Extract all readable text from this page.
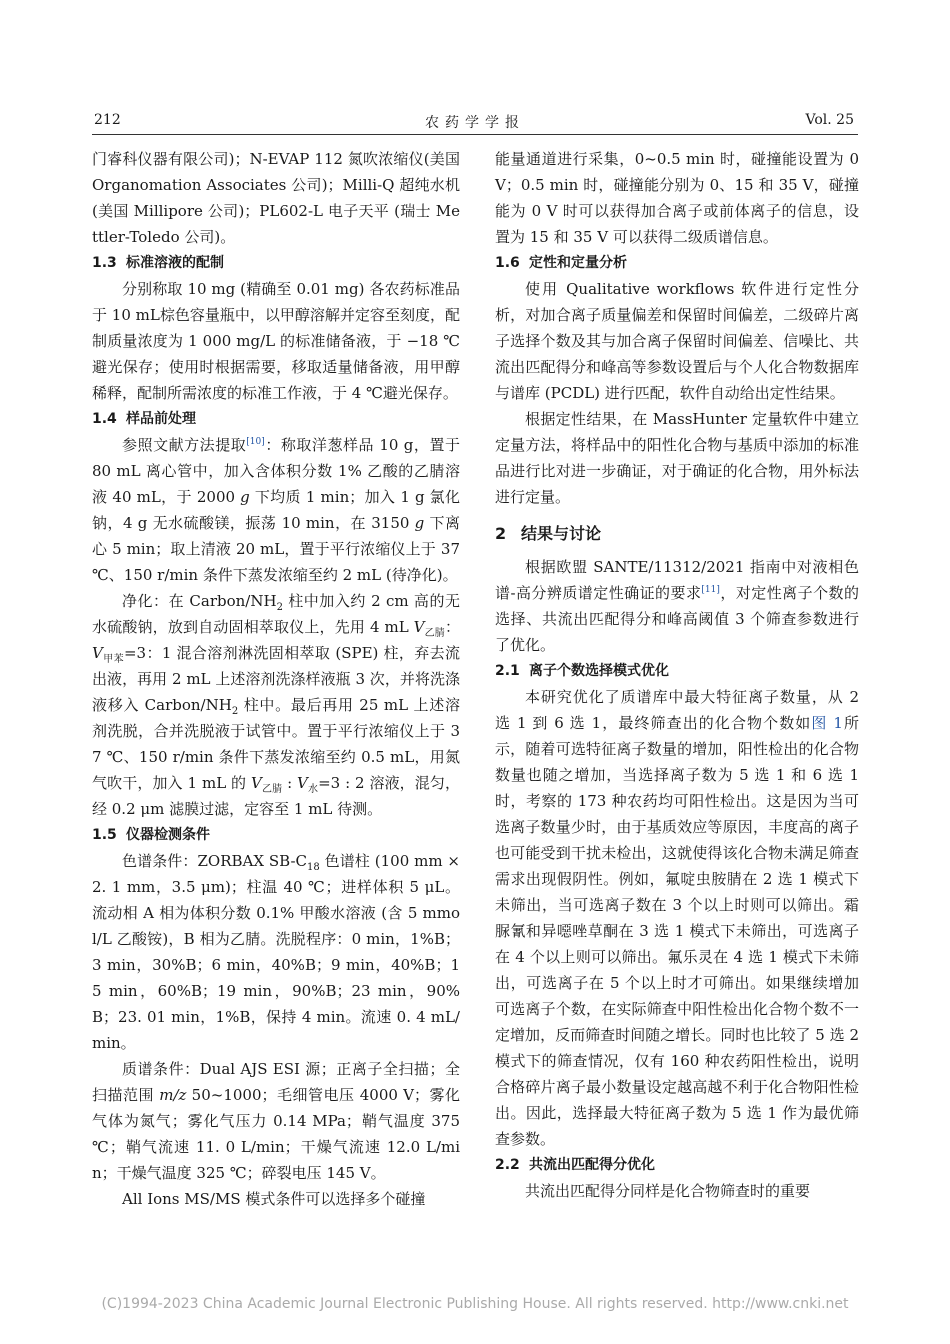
212	农药学学报	Vol. 25

门睿科仪器有限公司)；N-EVAP 112 氮吹浓缩仪(美国 Organomation Associates 公司)；Milli-Q 超纯水机 (美国 Millipore 公司)；PL602-L 电子天平 (瑞士 Mettler-Toledo 公司)。

1.3 标准溶液的配制

分别称取 10 mg (精确至 0.01 mg) 各农药标准品于 10 mL棕色容量瓶中，以甲醇溶解并定容至刻度，配制质量浓度为 1 000 mg/L 的标准储备液，于 −18 ℃ 避光保存；使用时根据需要，移取适量储备液，用甲醇稀释，配制所需浓度的标准工作液，于 4 ℃避光保存。

1.4 样品前处理

参照文献方法提取[10]：称取洋葱样品 10 g，置于 80 mL 离心管中，加入含体积分数 1% 乙酸的乙腈溶液 40 mL，于 2000 g 下均质 1 min；加入 1 g 氯化钠，4 g 无水硫酸镁，振荡 10 min，在 3150 g 下离心 5 min；取上清液 20 mL，置于平行浓缩仪上于 37 ℃、150 r/min 条件下蒸发浓缩至约 2 mL (待净化)。

净化：在 Carbon/$NH_2$ 柱中加入约 2 cm 高的无水硫酸钠，放到自动固相萃取仪上，先用 4 mL $V_{乙腈}$：$V_{甲苯}=3$：1 混合溶剂淋洗固相萃取 (SPE) 柱，弃去流出液，再用 2 mL 上述溶剂洗涤样液瓶 3 次，并将洗涤液移入 Carbon/$NH_2$ 柱中。最后再用 25 mL 上述溶剂洗脱，合并洗脱液于试管中。置于平行浓缩仪上于 37 ℃、150 r/min 条件下蒸发浓缩至约 0.5 mL，用氮气吹干，加入 1 mL 的 $V_{乙腈}$ : $V_水=3$ : 2 溶液，混匀，经 0.2 μm 滤膜过滤，定容至 1 mL 待测。

1.5 仪器检测条件

色谱条件：ZORBAX $SB-C_{18}$ 色谱柱 (100 mm × 2. 1 mm，3.5 μm)；柱温 40 ℃；进样体积 5 μL。流动相 A 相为体积分数 0.1% 甲酸水溶液 (含 5 mmol/L 乙酸铵)，B 相为乙腈。洗脱程序：0 min，1%B；3 min，30%B；6 min，40%B；9 min，40%B；15 min，60%B；19 min，90%B；23 min，90%B；23. 01 min，1%B，保持 4 min。流速 0. 4 mL/min。

质谱条件：Dual AJS ESI 源；正离子全扫描；全扫描范围 m/z 50~1000；毛细管电压 4000 V；雾化气体为氮气；雾化气压力 0.14 MPa；鞘气温度 375 ℃；鞘气流速 11. 0 L/min；干燥气流速 12.0 L/min；干燥气温度 325 ℃；碎裂电压 145 V。

All Ions MS/MS 模式条件可以选择多个碰撞

能量通道进行采集，0~0.5 min 时，碰撞能设置为 0 V；0.5 min 时，碰撞能分别为 0、15 和 35 V，碰撞能为 0 V 时可以获得加合离子或前体离子的信息，设置为 15 和 35 V 可以获得二级质谱信息。

1.6 定性和定量分析

使用 Qualitative workflows 软件进行定性分析，对加合离子质量偏差和保留时间偏差，二级碎片离子选择个数及其与加合离子保留时间偏差、信噪比、共流出匹配得分和峰高等参数设置后与个人化合物数据库与谱库 (PCDL) 进行匹配，软件自动给出定性结果。

根据定性结果，在 MassHunter 定量软件中建立定量方法，将样品中的阳性化合物与基质中添加的标准品进行比对进一步确证，对于确证的化合物，用外标法进行定量。

2 结果与讨论

根据欧盟 SANTE/11312/2021 指南中对液相色谱-高分辨质谱定性确证的要求[11]，对定性离子个数的选择、共流出匹配得分和峰高阈值 3 个筛查参数进行了优化。

2.1 离子个数选择模式优化

本研究优化了质谱库中最大特征离子数量，从 2 选 1 到 6 选 1，最终筛查出的化合物个数如图 1所示，随着可选特征离子数量的增加，阳性检出的化合物数量也随之增加，当选择离子数为 5 选 1 和 6 选 1 时，考察的 173 种农药均可阳性检出。这是因为当可选离子数量少时，由于基质效应等原因，丰度高的离子也可能受到干扰未检出，这就使得该化合物未满足筛查需求出现假阴性。例如，氟啶虫胺腈在 2 选 1 模式下未筛出，当可选离子数在 3 个以上时则可以筛出。霜脲氰和异噁唑草酮在 3 选 1 模式下未筛出，可选离子在 4 个以上则可以筛出。氟乐灵在 4 选 1 模式下未筛出，可选离子在 5 个以上时才可筛出。如果继续增加可选离子个数，在实际筛查中阳性检出化合物个数不一定增加，反而筛查时间随之增长。同时也比较了 5 选 2 模式下的筛查情况，仅有 160 种农药阳性检出，说明合格碎片离子最小数量设定越高越不利于化合物阳性检出。因此，选择最大特征离子数为 5 选 1 作为最优筛查参数。

2.2 共流出匹配得分优化

共流出匹配得分同样是化合物筛查时的重要

(C)1994-2023 China Academic Journal Electronic Publishing House. All rights reserved. http://www.cnki.net
